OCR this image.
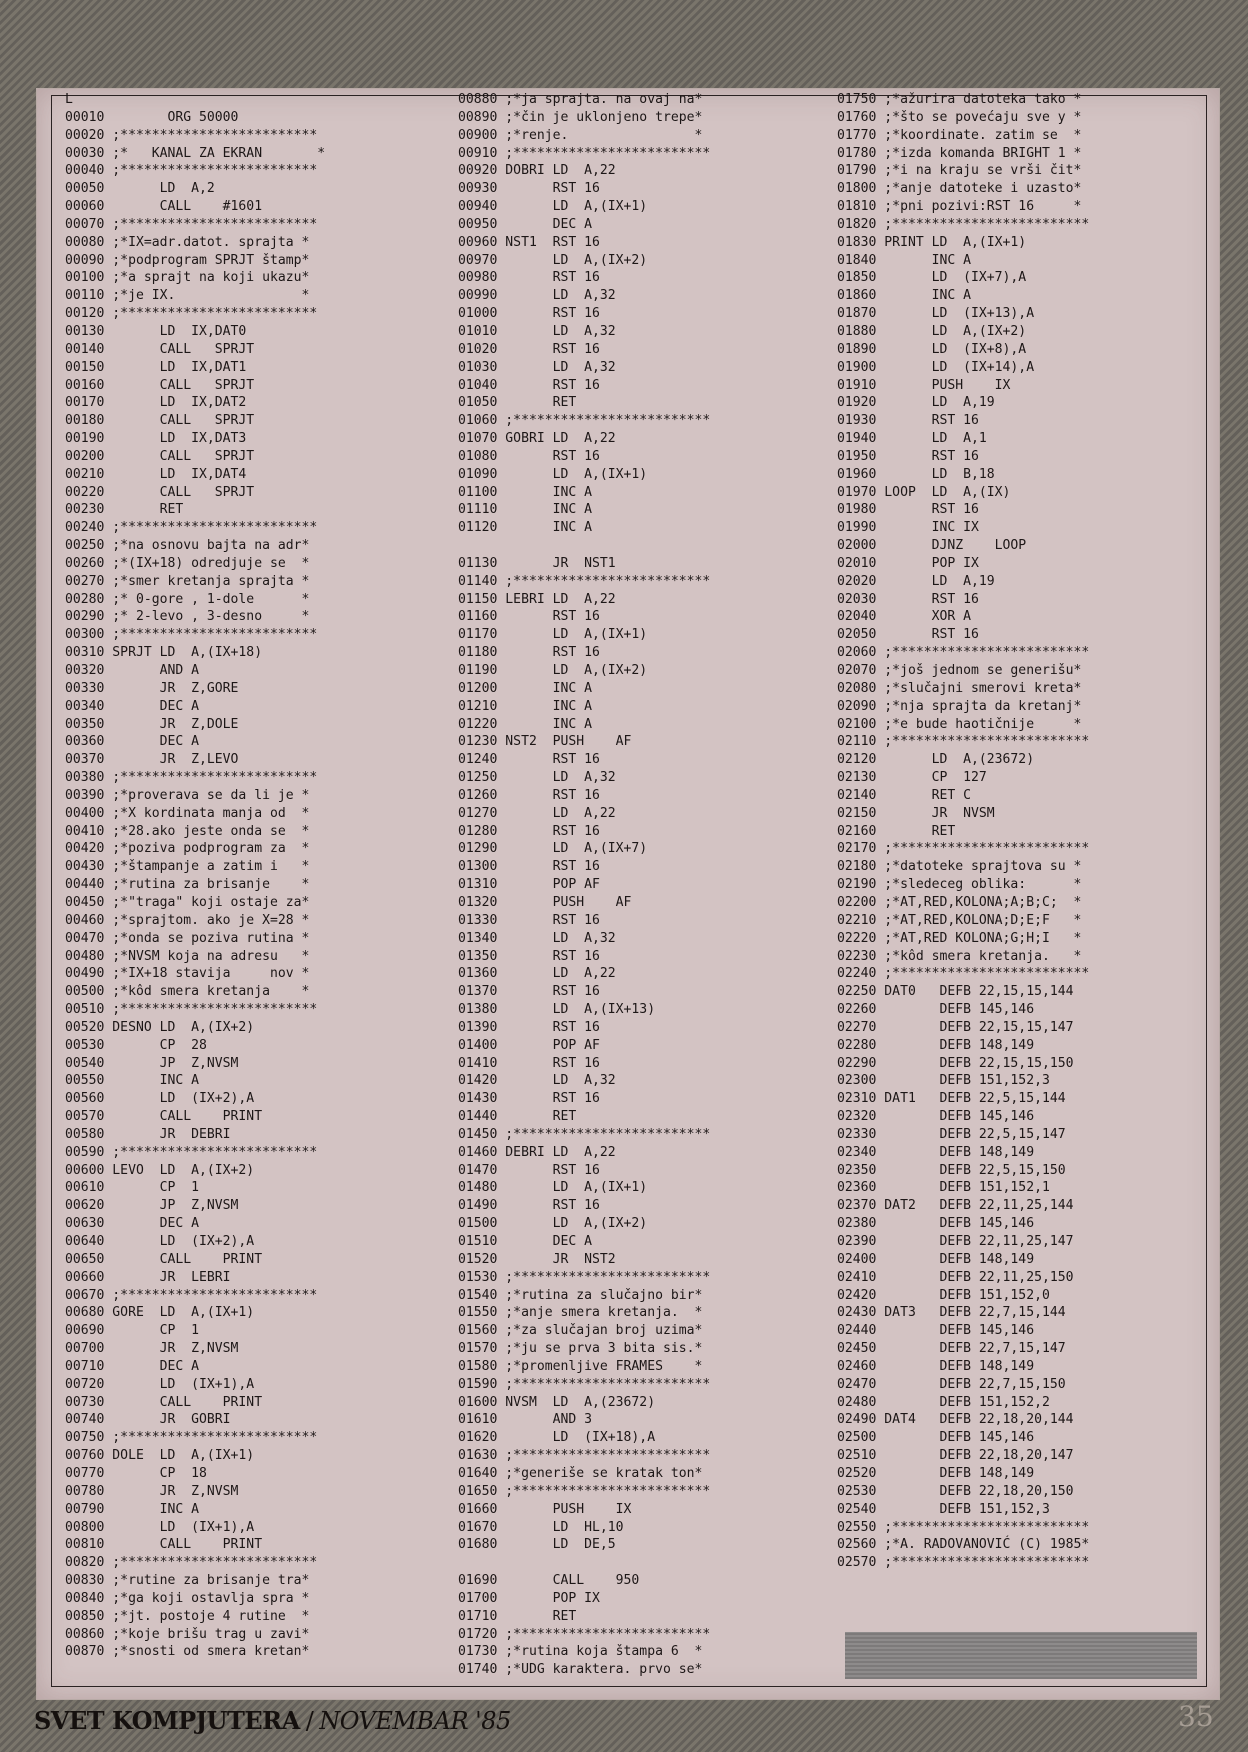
L
00010        ORG 50000
00020 ;*************************
00030 ;*   KANAL ZA EKRAN       *
00040 ;*************************
00050       LD  A,2
00060       CALL    #1601
00070 ;*************************
00080 ;*IX=adr.datot. sprajta *
00090 ;*podprogram SPRJT štamp*
00100 ;*a sprajt na koji ukazu*
00110 ;*je IX.                *
00120 ;*************************
00130       LD  IX,DAT0
00140       CALL   SPRJT
00150       LD  IX,DAT1
00160       CALL   SPRJT
00170       LD  IX,DAT2
00180       CALL   SPRJT
00190       LD  IX,DAT3
00200       CALL   SPRJT
00210       LD  IX,DAT4
00220       CALL   SPRJT
00230       RET
00240 ;*************************
00250 ;*na osnovu bajta na adr*
00260 ;*(IX+18) odredjuje se  *
00270 ;*smer kretanja sprajta *
00280 ;* 0-gore , 1-dole      *
00290 ;* 2-levo , 3-desno     *
00300 ;*************************
00310 SPRJT LD  A,(IX+18)
00320       AND A
00330       JR  Z,GORE
00340       DEC A
00350       JR  Z,DOLE
00360       DEC A
00370       JR  Z,LEVO
00380 ;*************************
00390 ;*proverava se da li je *
00400 ;*X kordinata manja od  *
00410 ;*28.ako jeste onda se  *
00420 ;*poziva podprogram za  *
00430 ;*štampanje a zatim i   *
00440 ;*rutina za brisanje    *
00450 ;*"traga" koji ostaje za*
00460 ;*sprajtom. ako je X=28 *
00470 ;*onda se poziva rutina *
00480 ;*NVSM koja na adresu   *
00490 ;*IX+18 stavija     nov *
00500 ;*kôd smera kretanja    *
00510 ;*************************
00520 DESNO LD  A,(IX+2)
00530       CP  28
00540       JP  Z,NVSM
00550       INC A
00560       LD  (IX+2),A
00570       CALL    PRINT
00580       JR  DEBRI
00590 ;*************************
00600 LEVO  LD  A,(IX+2)
00610       CP  1
00620       JP  Z,NVSM
00630       DEC A
00640       LD  (IX+2),A
00650       CALL    PRINT
00660       JR  LEBRI
00670 ;*************************
00680 GORE  LD  A,(IX+1)
00690       CP  1
00700       JR  Z,NVSM
00710       DEC A
00720       LD  (IX+1),A
00730       CALL    PRINT
00740       JR  GOBRI
00750 ;*************************
00760 DOLE  LD  A,(IX+1)
00770       CP  18
00780       JR  Z,NVSM
00790       INC A
00800       LD  (IX+1),A
00810       CALL    PRINT
00820 ;*************************
00830 ;*rutine za brisanje tra*
00840 ;*ga koji ostavlja spra *
00850 ;*jt. postoje 4 rutine  *
00860 ;*koje brišu trag u zavi*
00870 ;*snosti od smera kretan*
00880 ;*ja sprajta. na ovaj na*
00890 ;*čin je uklonjeno trepe*
00900 ;*renje.                *
00910 ;*************************
00920 DOBRI LD  A,22
00930       RST 16
00940       LD  A,(IX+1)
00950       DEC A
00960 NST1  RST 16
00970       LD  A,(IX+2)
00980       RST 16
00990       LD  A,32
01000       RST 16
01010       LD  A,32
01020       RST 16
01030       LD  A,32
01040       RST 16
01050       RET
01060 ;*************************
01070 GOBRI LD  A,22
01080       RST 16
01090       LD  A,(IX+1)
01100       INC A
01110       INC A
01120       INC A
01130       JR  NST1
01140 ;*************************
01150 LEBRI LD  A,22
01160       RST 16
01170       LD  A,(IX+1)
01180       RST 16
01190       LD  A,(IX+2)
01200       INC A
01210       INC A
01220       INC A
01230 NST2  PUSH    AF
01240       RST 16
01250       LD  A,32
01260       RST 16
01270       LD  A,22
01280       RST 16
01290       LD  A,(IX+7)
01300       RST 16
01310       POP AF
01320       PUSH    AF
01330       RST 16
01340       LD  A,32
01350       RST 16
01360       LD  A,22
01370       RST 16
01380       LD  A,(IX+13)
01390       RST 16
01400       POP AF
01410       RST 16
01420       LD  A,32
01430       RST 16
01440       RET
01450 ;*************************
01460 DEBRI LD  A,22
01470       RST 16
01480       LD  A,(IX+1)
01490       RST 16
01500       LD  A,(IX+2)
01510       DEC A
01520       JR  NST2
01530 ;*************************
01540 ;*rutina za slučajno bir*
01550 ;*anje smera kretanja.  *
01560 ;*za slučajan broj uzima*
01570 ;*ju se prva 3 bita sis.*
01580 ;*promenljive FRAMES    *
01590 ;*************************
01600 NVSM  LD  A,(23672)
01610       AND 3
01620       LD  (IX+18),A
01630 ;*************************
01640 ;*generiše se kratak ton*
01650 ;*************************
01660       PUSH    IX
01670       LD  HL,10
01680       LD  DE,5
01690       CALL    950
01700       POP IX
01710       RET
01720 ;*************************
01730 ;*rutina koja štampa 6  *
01740 ;*UDG karaktera. prvo se*
01750 ;*ažurira datoteka tako *
01760 ;*što se povećaju sve y *
01770 ;*koordinate. zatim se  *
01780 ;*izda komanda BRIGHT 1 *
01790 ;*i na kraju se vrši čit*
01800 ;*anje datoteke i uzasto*
01810 ;*pni pozivi:RST 16     *
01820 ;*************************
01830 PRINT LD  A,(IX+1)
01840       INC A
01850       LD  (IX+7),A
01860       INC A
01870       LD  (IX+13),A
01880       LD  A,(IX+2)
01890       LD  (IX+8),A
01900       LD  (IX+14),A
01910       PUSH    IX
01920       LD  A,19
01930       RST 16
01940       LD  A,1
01950       RST 16
01960       LD  B,18
01970 LOOP  LD  A,(IX)
01980       RST 16
01990       INC IX
02000       DJNZ    LOOP
02010       POP IX
02020       LD  A,19
02030       RST 16
02040       XOR A
02050       RST 16
02060 ;*************************
02070 ;*još jednom se generišu*
02080 ;*slučajni smerovi kreta*
02090 ;*nja sprajta da kretanj*
02100 ;*e bude haotičnije     *
02110 ;*************************
02120       LD  A,(23672)
02130       CP  127
02140       RET C
02150       JR  NVSM
02160       RET
02170 ;*************************
02180 ;*datoteke sprajtova su *
02190 ;*sledeceg oblika:      *
02200 ;*AT,RED,KOLONA;A;B;C;  *
02210 ;*AT,RED,KOLONA;D;E;F   *
02220 ;*AT,RED KOLONA;G;H;I   *
02230 ;*kôd smera kretanja.   *
02240 ;*************************
02250 DAT0   DEFB 22,15,15,144
02260        DEFB 145,146
02270        DEFB 22,15,15,147
02280        DEFB 148,149
02290        DEFB 22,15,15,150
02300        DEFB 151,152,3
02310 DAT1   DEFB 22,5,15,144
02320        DEFB 145,146
02330        DEFB 22,5,15,147
02340        DEFB 148,149
02350        DEFB 22,5,15,150
02360        DEFB 151,152,1
02370 DAT2   DEFB 22,11,25,144
02380        DEFB 145,146
02390        DEFB 22,11,25,147
02400        DEFB 148,149
02410        DEFB 22,11,25,150
02420        DEFB 151,152,0
02430 DAT3   DEFB 22,7,15,144
02440        DEFB 145,146
02450        DEFB 22,7,15,147
02460        DEFB 148,149
02470        DEFB 22,7,15,150
02480        DEFB 151,152,2
02490 DAT4   DEFB 22,18,20,144
02500        DEFB 145,146
02510        DEFB 22,18,20,147
02520        DEFB 148,149
02530        DEFB 22,18,20,150
02540        DEFB 151,152,3
02550 ;*************************
02560 ;*A. RADOVANOVIĆ (C) 1985*
02570 ;*************************
SVET KOMPJUTERA / NOVEMBAR '85	35
